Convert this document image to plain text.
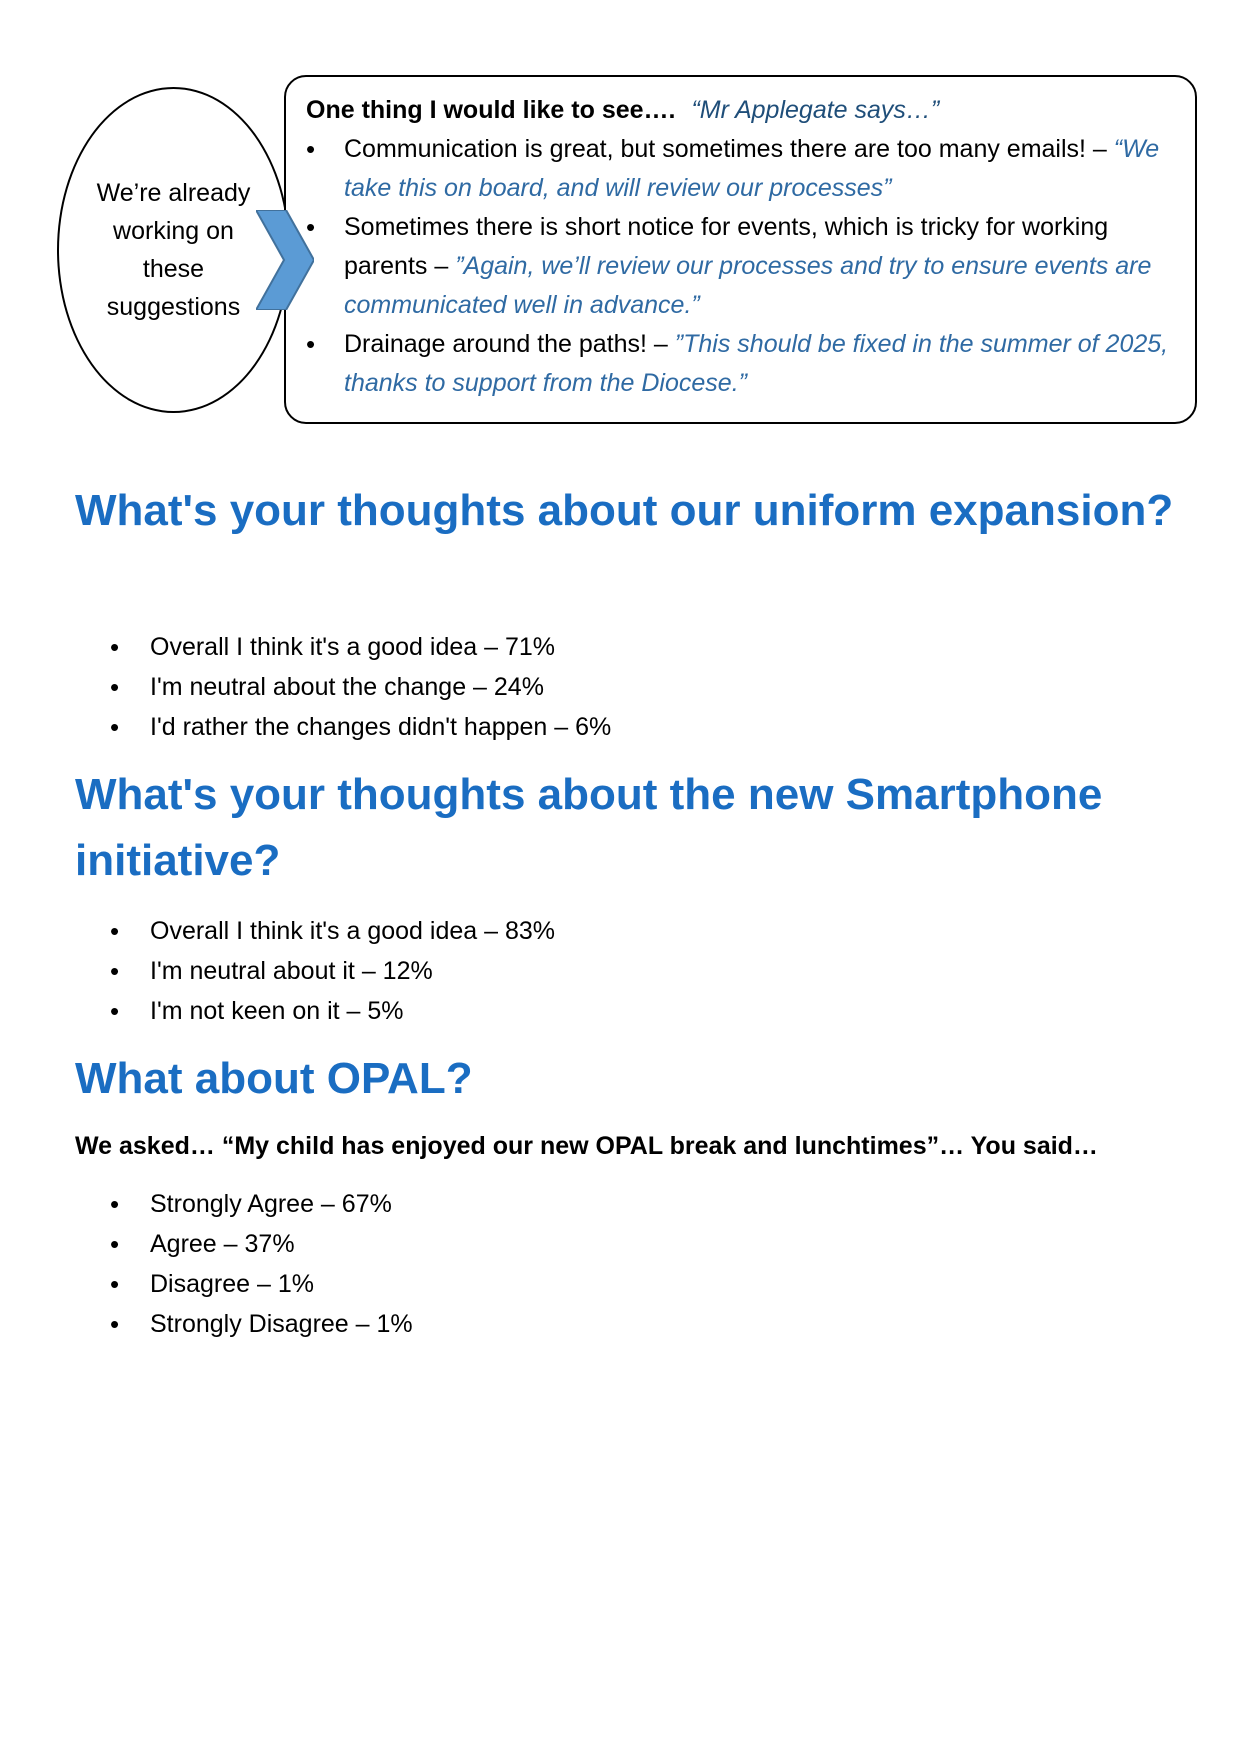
We’re already working on these suggestions
One thing I would like to see…. “Mr Applegate says…”
• Communication is great, but sometimes there are too many emails! – “We take this on board, and will review our processes”
• Sometimes there is short notice for events, which is tricky for working parents – ”Again, we’ll review our processes and try to ensure events are communicated well in advance.”
• Drainage around the paths! – ”This should be fixed in the summer of 2025, thanks to support from the Diocese.”
What's your thoughts about our uniform expansion?
• Overall I think it's a good idea – 71%
• I'm neutral about the change – 24%
• I'd rather the changes didn't happen – 6%
What's your thoughts about the new Smartphone initiative?
• Overall I think it's a good idea – 83%
• I'm neutral about it – 12%
• I'm not keen on it – 5%
What about OPAL?

We asked… “My child has enjoyed our new OPAL break and lunchtimes”… You said…

• Strongly Agree – 67%
• Agree – 37%
• Disagree – 1%
• Strongly Disagree – 1%
